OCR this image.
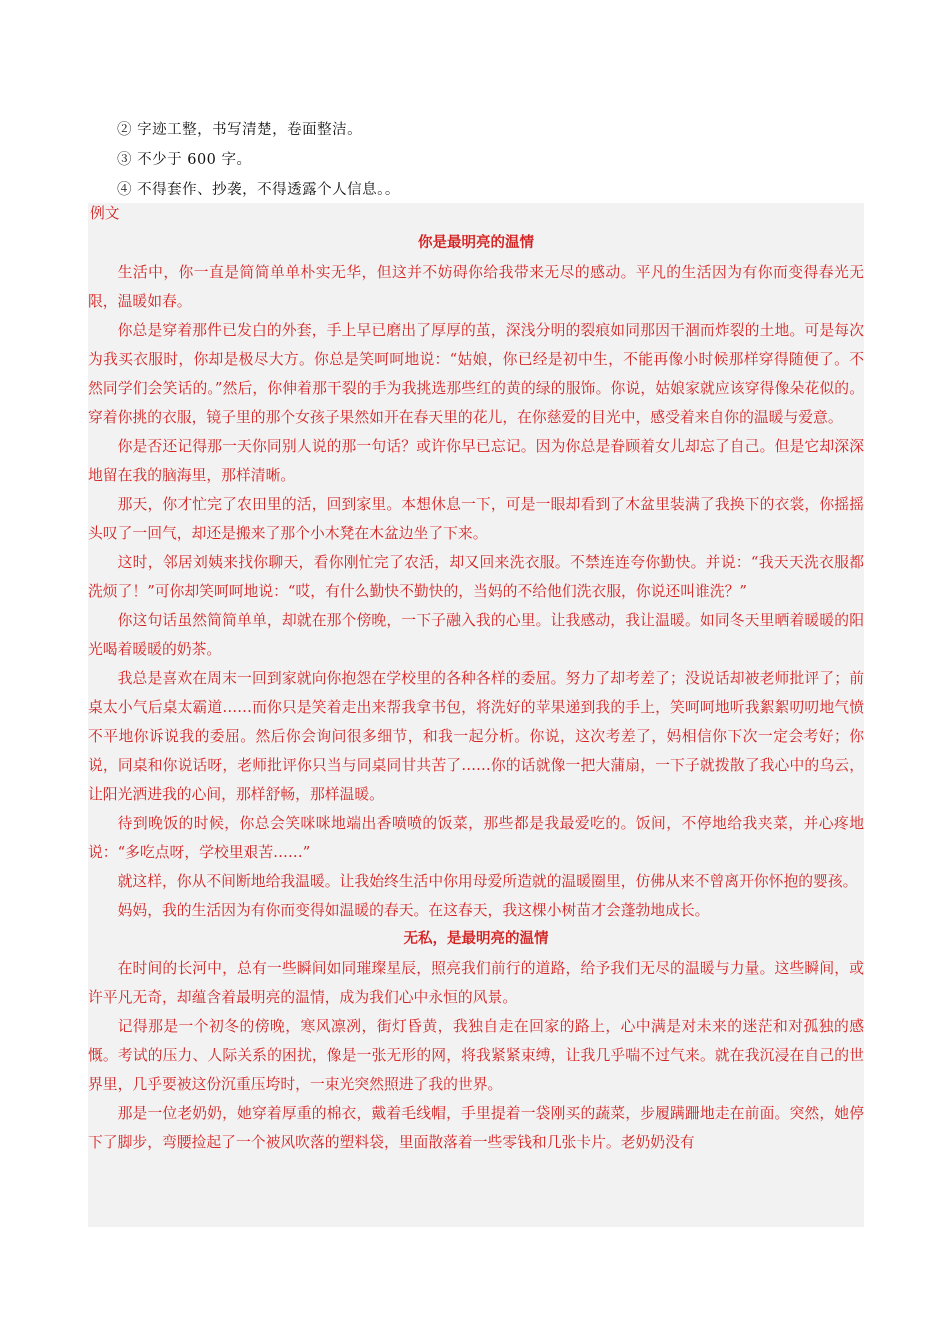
② 字迹工整，书写清楚，卷面整洁。
③ 不少于 600 字。
④ 不得套作、抄袭，不得透露个人信息。。

例文

你是最明亮的温情

生活中，你一直是简简单单朴实无华，但这并不妨碍你给我带来无尽的感动。平凡的生活因为有你而变得春光无限，温暖如春。

你总是穿着那件已发白的外套，手上早已磨出了厚厚的茧，深浅分明的裂痕如同那因干涸而炸裂的土地。可是每次为我买衣服时，你却是极尽大方。你总是笑呵呵地说：“姑娘，你已经是初中生，不能再像小时候那样穿得随便了。不然同学们会笑话的。”然后，你伸着那干裂的手为我挑选那些红的黄的绿的服饰。你说，姑娘家就应该穿得像朵花似的。穿着你挑的衣服，镜子里的那个女孩子果然如开在春天里的花儿，在你慈爱的目光中，感受着来自你的温暖与爱意。

你是否还记得那一天你同别人说的那一句话？或许你早已忘记。因为你总是眷顾着女儿却忘了自己。但是它却深深地留在我的脑海里，那样清晰。

那天，你才忙完了农田里的活，回到家里。本想休息一下，可是一眼却看到了木盆里装满了我换下的衣裳，你摇摇头叹了一回气，却还是搬来了那个小木凳在木盆边坐了下来。

这时，邻居刘姨来找你聊天，看你刚忙完了农活，却又回来洗衣服。不禁连连夸你勤快。并说：“我天天洗衣服都洗烦了！”可你却笑呵呵地说：“哎，有什么勤快不勤快的，当妈的不给他们洗衣服，你说还叫谁洗？”

你这句话虽然简简单单，却就在那个傍晚，一下子融入我的心里。让我感动，我让温暖。如同冬天里晒着暖暖的阳光喝着暖暖的奶茶。

我总是喜欢在周末一回到家就向你抱怨在学校里的各种各样的委屈。努力了却考差了；没说话却被老师批评了；前桌太小气后桌太霸道……而你只是笑着走出来帮我拿书包，将洗好的苹果递到我的手上，笑呵呵地听我絮絮叨叨地气愤不平地你诉说我的委屈。然后你会询问很多细节，和我一起分析。你说，这次考差了，妈相信你下次一定会考好；你说，同桌和你说话呀，老师批评你只当与同桌同甘共苦了……你的话就像一把大蒲扇，一下子就拨散了我心中的乌云，让阳光洒进我的心间，那样舒畅，那样温暖。

待到晚饭的时候，你总会笑咪咪地端出香喷喷的饭菜，那些都是我最爱吃的。饭间，不停地给我夹菜，并心疼地说：“多吃点呀，学校里艰苦……”

就这样，你从不间断地给我温暖。让我始终生活中你用母爱所造就的温暖圈里，仿佛从来不曾离开你怀抱的婴孩。

妈妈，我的生活因为有你而变得如温暖的春天。在这春天，我这棵小树苗才会蓬勃地成长。

无私，是最明亮的温情

在时间的长河中，总有一些瞬间如同璀璨星辰，照亮我们前行的道路，给予我们无尽的温暖与力量。这些瞬间，或许平凡无奇，却蕴含着最明亮的温情，成为我们心中永恒的风景。

记得那是一个初冬的傍晚，寒风凛冽，街灯昏黄，我独自走在回家的路上，心中满是对未来的迷茫和对孤独的感慨。考试的压力、人际关系的困扰，像是一张无形的网，将我紧紧束缚，让我几乎喘不过气来。就在我沉浸在自己的世界里，几乎要被这份沉重压垮时，一束光突然照进了我的世界。

那是一位老奶奶，她穿着厚重的棉衣，戴着毛线帽，手里提着一袋刚买的蔬菜，步履蹒跚地走在前面。突然，她停下了脚步，弯腰捡起了一个被风吹落的塑料袋，里面散落着一些零钱和几张卡片。老奶奶没有
